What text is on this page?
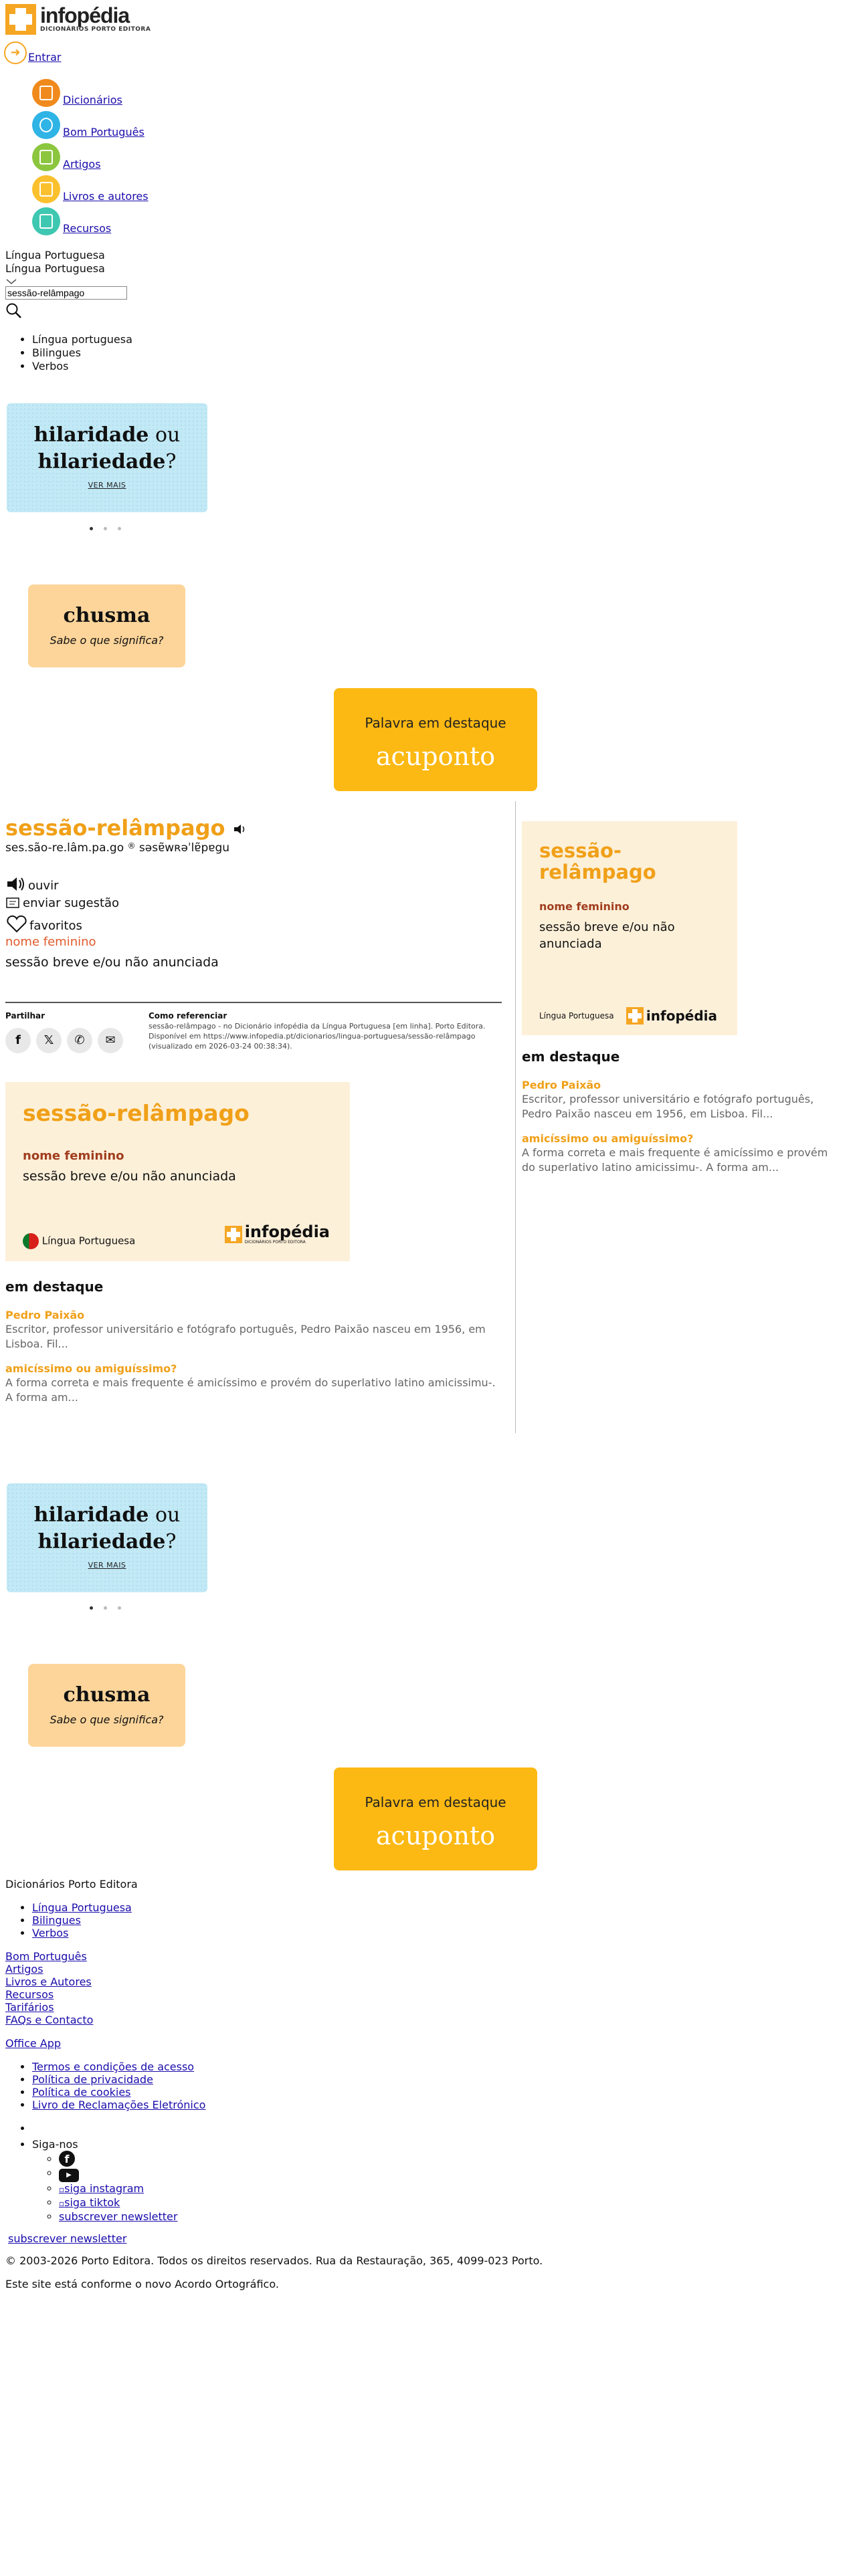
infopédia
DICIONÁRIOS PORTO EDITORA
➜ Entrar
Dicionários
Bom Português
Artigos
Livros e autores
Recursos
Língua Portuguesa
Língua Portuguesa
sessão-relâmpago
• Língua portuguesa
• Bilingues
• Verbos
hilaridade ou
hilariedade?
VER MAIS
chusma
Sabe o que significa?
Palavra em destaque
acuponto
sessão-relâmpago
ses.são-re.lâm.pa.go ® səsɐ̃wʀəˈlɐ̃pɐgu
ouvir
enviar sugestão
favoritos
nome feminino
sessão breve e/ou não anunciada
Partilhar
f 𝕏 ✆ ✉
Como referenciar
sessão-relâmpago - no Dicionário infopédia da Língua Portuguesa [em linha]. Porto Editora. Disponível em https://www.infopedia.pt/dicionarios/lingua-portuguesa/sessão-relâmpago (visualizado em 2026-03-24 00:38:34).
sessão-relâmpago
nome feminino
sessão breve e/ou não anunciada
Língua Portuguesa	infopédia
DICIONÁRIOS PORTO EDITORA
em destaque
Pedro Paixão
Escritor, professor universitário e fotógrafo português, Pedro Paixão nasceu em 1956, em Lisboa. Fil...
amicíssimo ou amiguíssimo?
A forma correta e mais frequente é amicíssimo e provém do superlativo latino amicissimu-. A forma am...
sessão-relâmpago
nome feminino
sessão breve e/ou não anunciada
Língua Portuguesa infopédia
em destaque
Pedro Paixão
Escritor, professor universitário e fotógrafo português, Pedro Paixão nasceu em 1956, em Lisboa. Fil...
amicíssimo ou amiguíssimo?
A forma correta e mais frequente é amicíssimo e provém do superlativo latino amicissimu-. A forma am...
hilaridade ou
hilariedade?
VER MAIS
chusma
Sabe o que significa?
Palavra em destaque
acuponto
Dicionários Porto Editora
• Língua Portuguesa
• Bilingues
• Verbos
Bom Português
Artigos
Livros e Autores
Recursos
Tarifários
FAQs e Contacto
Office App
• Termos e condições de acesso
• Política de privacidade
• Política de cookies
• Livro de Reclamações Eletrónico
•
• Siga-nos
◦ f
◦ ▶
◦ ▫siga instagram
◦ ▫siga tiktok
◦ subscrever newsletter
subscrever newsletter
© 2003-2026 Porto Editora. Todos os direitos reservados. Rua da Restauração, 365, 4099-023 Porto.
Este site está conforme o novo Acordo Ortográfico.
